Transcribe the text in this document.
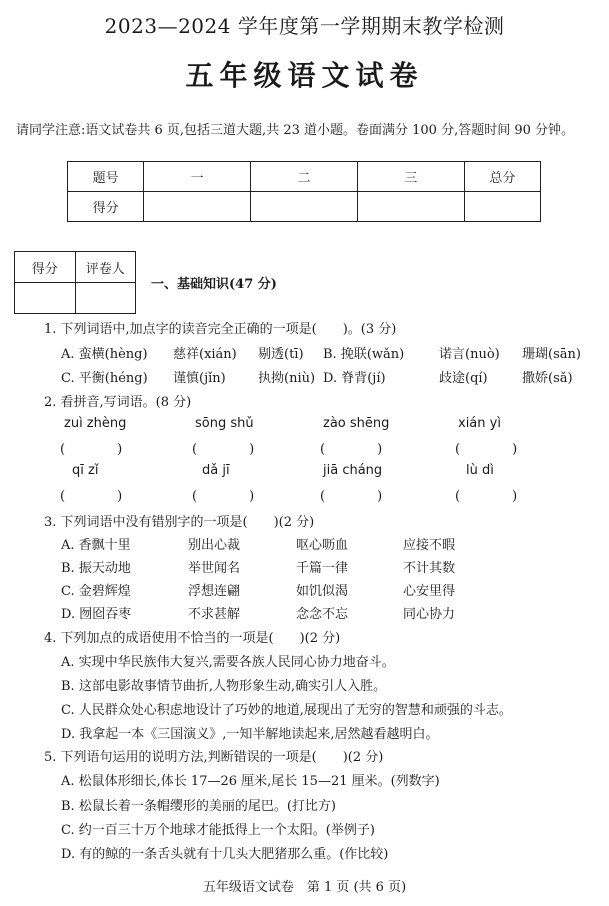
2023—2024 学年度第一学期期末教学检测
五年级语文试卷
请同学注意:语文试卷共 6 页,包括三道大题,共 23 道小题。卷面满分 100 分,答题时间 90 分钟。
题号	一	二	三	总分
得分				
得分	评卷人

一、基础知识(47 分)
1. 下列词语中,加点字的读音完全正确的一项是(　　)。(3 分)
A. 蛮横(hèng) 慈祥(xián) 剔透(tī) B. 挽联(wǎn)	诺言(nuò) 珊瑚(sān)
C. 平衡(héng) 谨慎(jǐn) 执拗(niù) D. 脊背(jí)	歧途(qí)	撒娇(sǎ)
2. 看拼音,写词语。(8 分)
zuì zhèng	sōng shǔ	zào shēng	xián yì
(　　　　)	(　　　　)	(　　　　)	(　　　　)
qī zǐ	dǎ jī	jiā cháng	lù dì
(　　　　)	(　　　　)	(　　　　)	(　　　　)
3. 下列词语中没有错别字的一项是(　　)(2 分)
A. 香飘十里	别出心裁	呕心呖血	应接不暇
B. 振天动地	举世闻名	千篇一律	不计其数
C. 金碧辉煌	浮想连翩	如饥似渴	心安里得
D. 囫囵吞枣	不求甚解	念念不忘	同心协力
4. 下列加点的成语使用不恰当的一项是(　　)(2 分)
A. 实现中华民族伟大复兴,需要各族人民同心协力地奋斗。
B. 这部电影故事情节曲折,人物形象生动,确实引人入胜。
C. 人民群众处心积虑地设计了巧妙的地道,展现出了无穷的智慧和顽强的斗志。
D. 我拿起一本《三国演义》,一知半解地读起来,居然越看越明白。
5. 下列语句运用的说明方法,判断错误的一项是(　　)(2 分)
A. 松鼠体形细长,体长 17—26 厘米,尾长 15—21 厘米。(列数字)
B. 松鼠长着一条帽缨形的美丽的尾巴。(打比方)
C. 约一百三十万个地球才能抵得上一个太阳。(举例子)
D. 有的鲸的一条舌头就有十几头大肥猪那么重。(作比较)
五年级语文试卷　第 1 页 (共 6 页)
